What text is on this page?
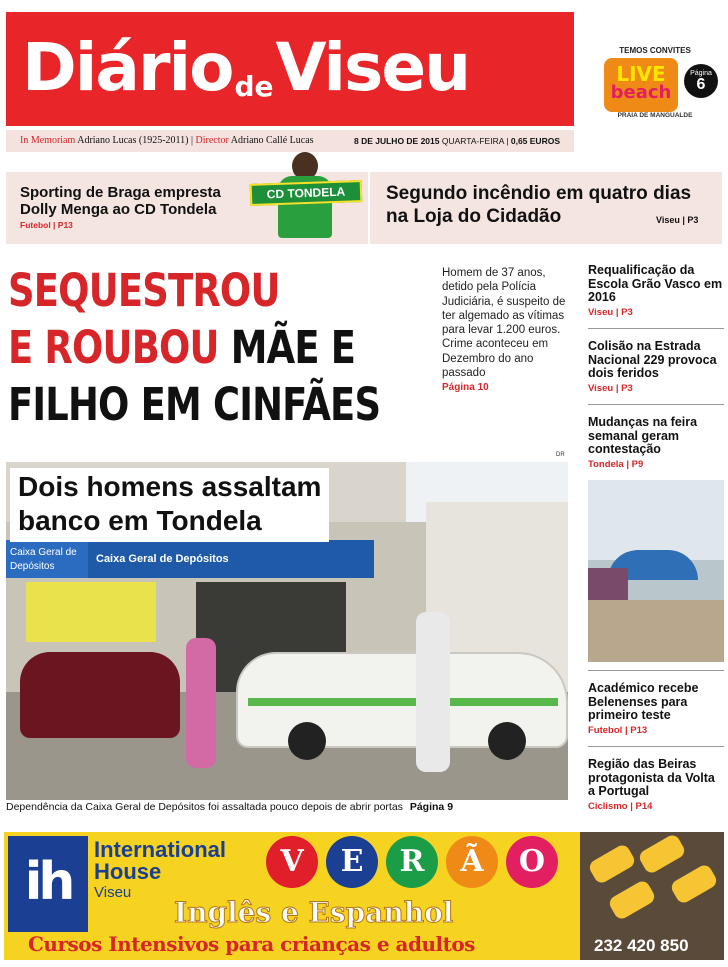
DiáriodeViseu
In Memoriam Adriano Lucas (1925-2011) | Director Adriano Callé Lucas	8 DE JULHO DE 2015 QUARTA-FEIRA | 0,65 EUROS
TEMOS CONVITES
LIVE
beach
Página
6
PRAIA DE MANGUALDE
Sporting de Braga empresta Dolly Menga ao CD Tondela
Futebol | P13
CD TONDELA	Segundo incêndio em quatro dias na Loja do Cidadão	Viseu | P3
SEQUESTROU
E ROUBOU MÃE E
FILHO EM CINFÃES
Homem de 37 anos, detido pela Polícia Judiciária, é suspeito de ter algemado as vítimas para levar 1.200 euros. Crime aconteceu em Dezembro do ano passado
Página 10
Requalificação da Escola Grão Vasco em 2016
Viseu | P3
Colisão na Estrada Nacional 229 provoca dois feridos
Viseu | P3
Mudanças na feira semanal geram contestação
Tondela | P9
Académico recebe Belenenses para primeiro teste
Futebol | P13
Região das Beiras protagonista da Volta a Portugal
Ciclismo | P14
DR
Caixa Geral de Depósitos
Caixa Geral de Depósitos
Dois homens assaltam
banco em Tondela
Dependência da Caixa Geral de Depósitos foi assaltada pouco depois de abrir portas Página 9
ih
International
House
Viseu
V	E	R	Ã	O
Inglês e Espanhol
Cursos Intensivos para crianças e adultos	232 420 850
